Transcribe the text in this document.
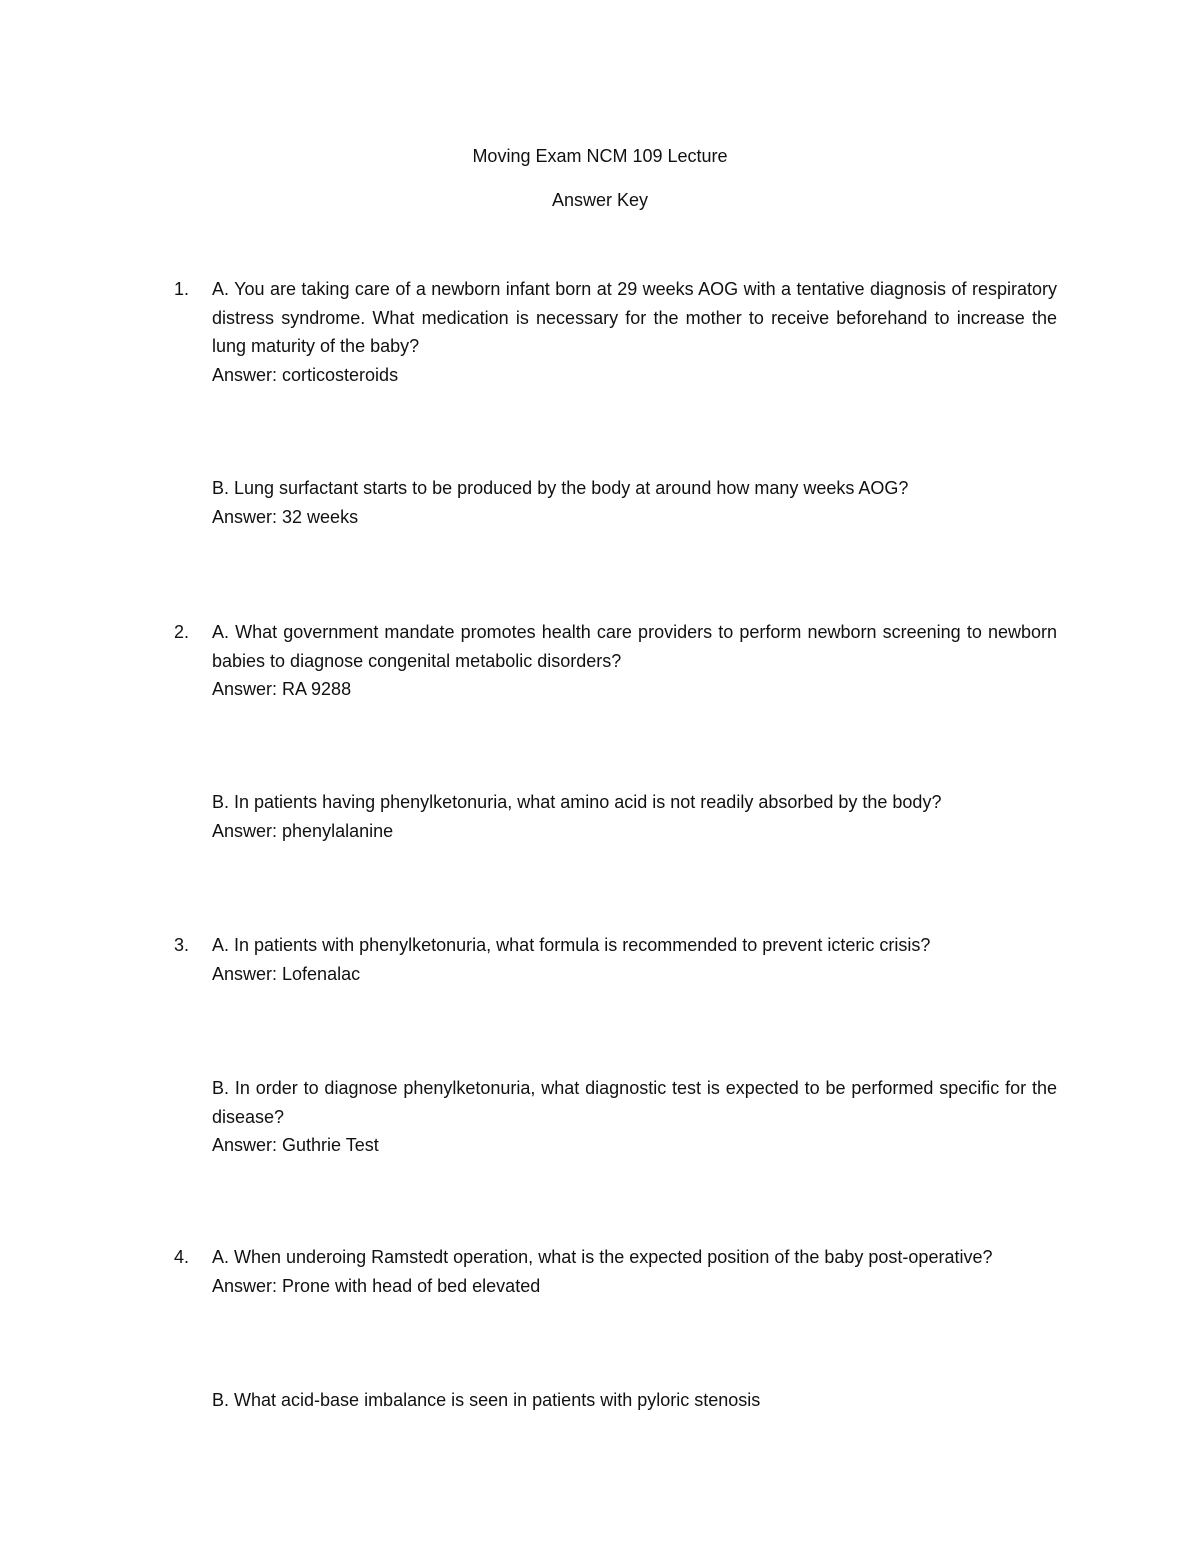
Moving Exam NCM 109 Lecture
Answer Key
1. A. You are taking care of a newborn infant born at 29 weeks AOG with a tentative diagnosis of respiratory distress syndrome. What medication is necessary for the mother to receive beforehand to increase the lung maturity of the baby?

Answer: corticosteroids

B. Lung surfactant starts to be produced by the body at around how many weeks AOG?

Answer: 32 weeks

2. A. What government mandate promotes health care providers to perform newborn screening to newborn babies to diagnose congenital metabolic disorders?

Answer: RA 9288

B. In patients having phenylketonuria, what amino acid is not readily absorbed by the body?

Answer: phenylalanine

3. A. In patients with phenylketonuria, what formula is recommended to prevent icteric crisis?

Answer: Lofenalac

B. In order to diagnose phenylketonuria, what diagnostic test is expected to be performed specific for the disease?

Answer: Guthrie Test

4. A. When underoing Ramstedt operation, what is the expected position of the baby post-operative?

Answer: Prone with head of bed elevated

B. What acid-base imbalance is seen in patients with pyloric stenosis
